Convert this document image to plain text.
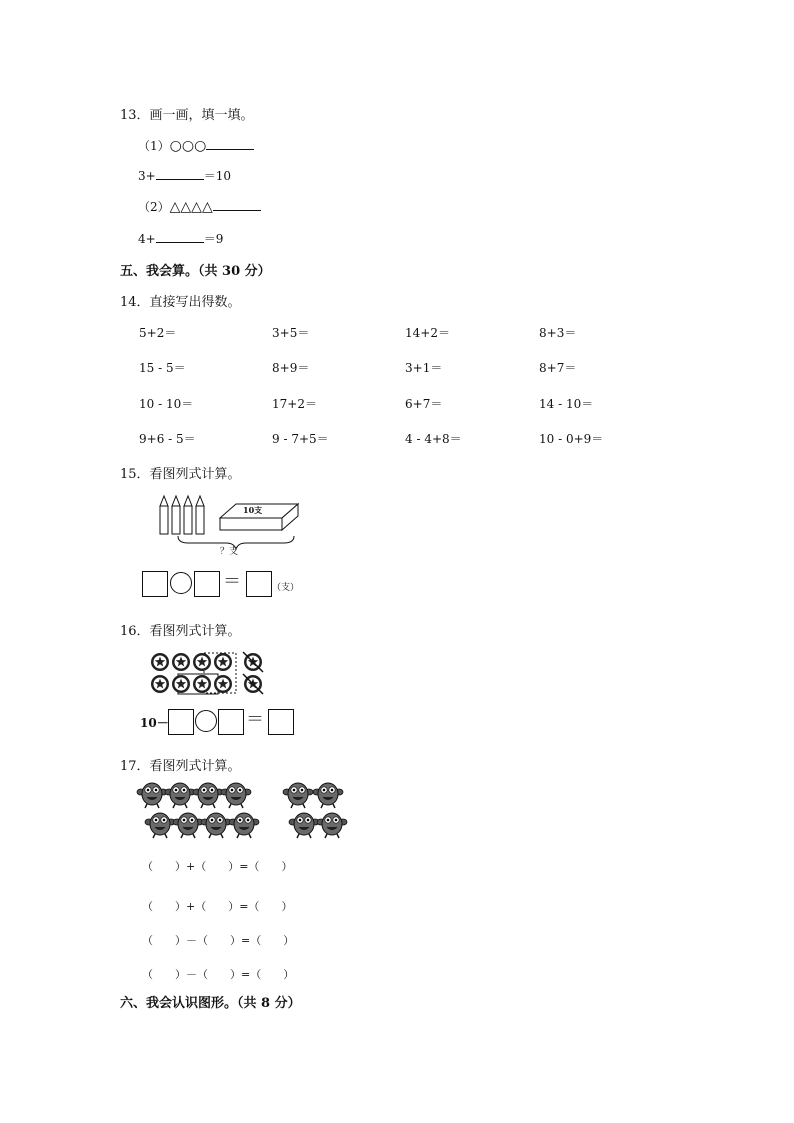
13．画一画，填一填。
（1）○○○
3+	＝10
（2）△△△△
4+	＝9
五、我会算。（共 30 分）
14．直接写出得数。
5+2＝	3+5＝	14+2＝	8+3＝
15 - 5＝	8+9＝	3+1＝	8+7＝
10 - 10＝	17+2＝	6+7＝	14 - 10＝
9+6 - 5＝	9 - 7+5＝	4 - 4+8＝	10 - 0+9＝
15．看图列式计算。
10支
？支
＝	（支）
16．看图列式计算。
10－	＝
17．看图列式计算。
（ ）+（ ）=（ ）
（ ）+（ ）=（ ）
（ ）－（ ）=（ ）
（ ）－（ ）=（ ）
六、我会认识图形。（共 8 分）
